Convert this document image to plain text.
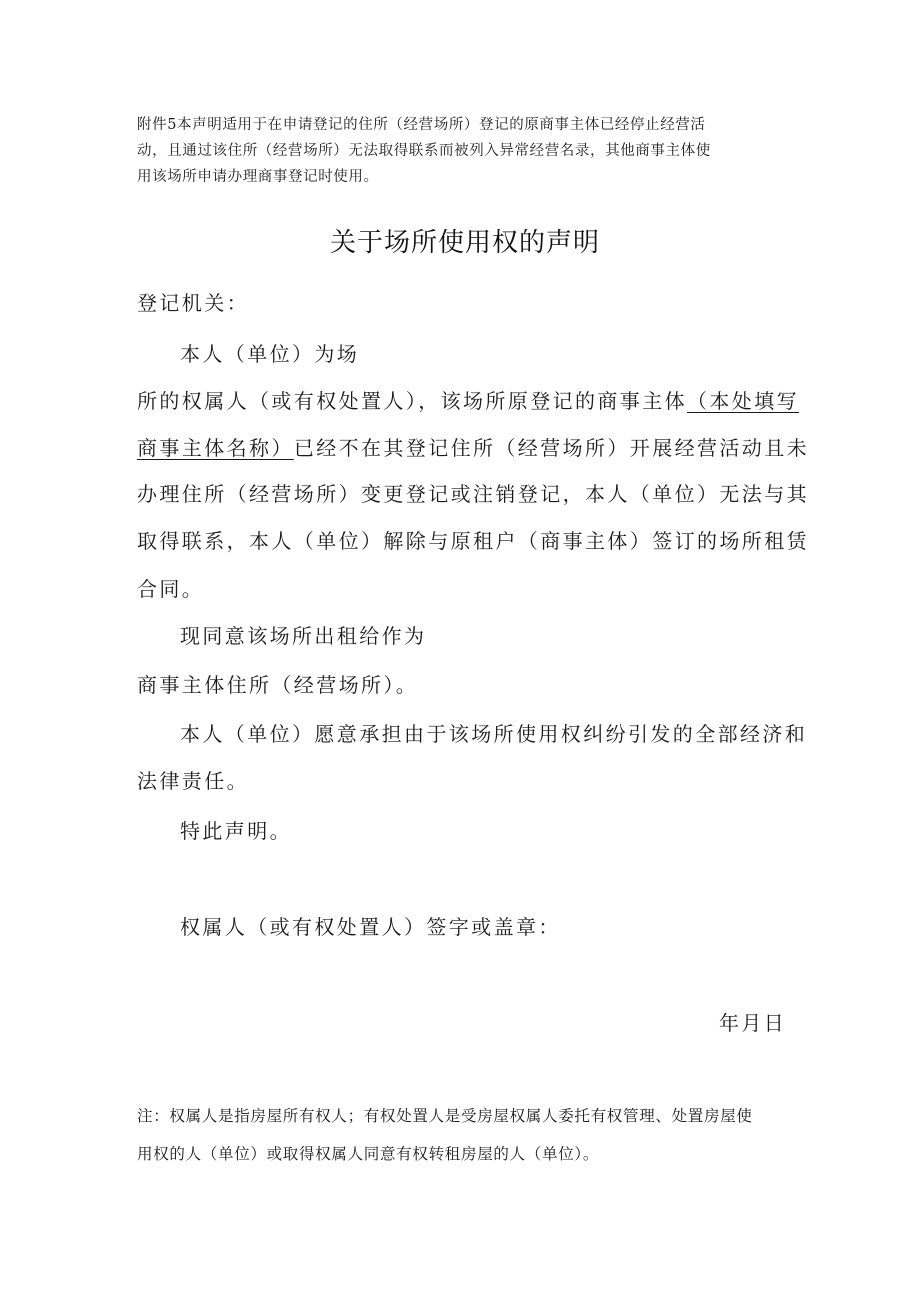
附件5本声明适用于在申请登记的住所（经营场所）登记的原商事主体已经停止经营活
动，且通过该住所（经营场所）无法取得联系而被列入异常经营名录，其他商事主体使
用该场所申请办理商事登记时使用。
关于场所使用权的声明
登记机关：
本人（单位）为场
所的权属人（或有权处置人），该场所原登记的商事主体（本处填写
商事主体名称）已经不在其登记住所（经营场所）开展经营活动且未
办理住所（经营场所）变更登记或注销登记，本人（单位）无法与其
取得联系，本人（单位）解除与原租户（商事主体）签订的场所租赁
合同。
现同意该场所出租给作为
商事主体住所（经营场所）。
本人（单位）愿意承担由于该场所使用权纠纷引发的全部经济和
法律责任。
特此声明。
权属人（或有权处置人）签字或盖章：
年月日
注：权属人是指房屋所有权人；有权处置人是受房屋权属人委托有权管理、处置房屋使
用权的人（单位）或取得权属人同意有权转租房屋的人（单位）。
